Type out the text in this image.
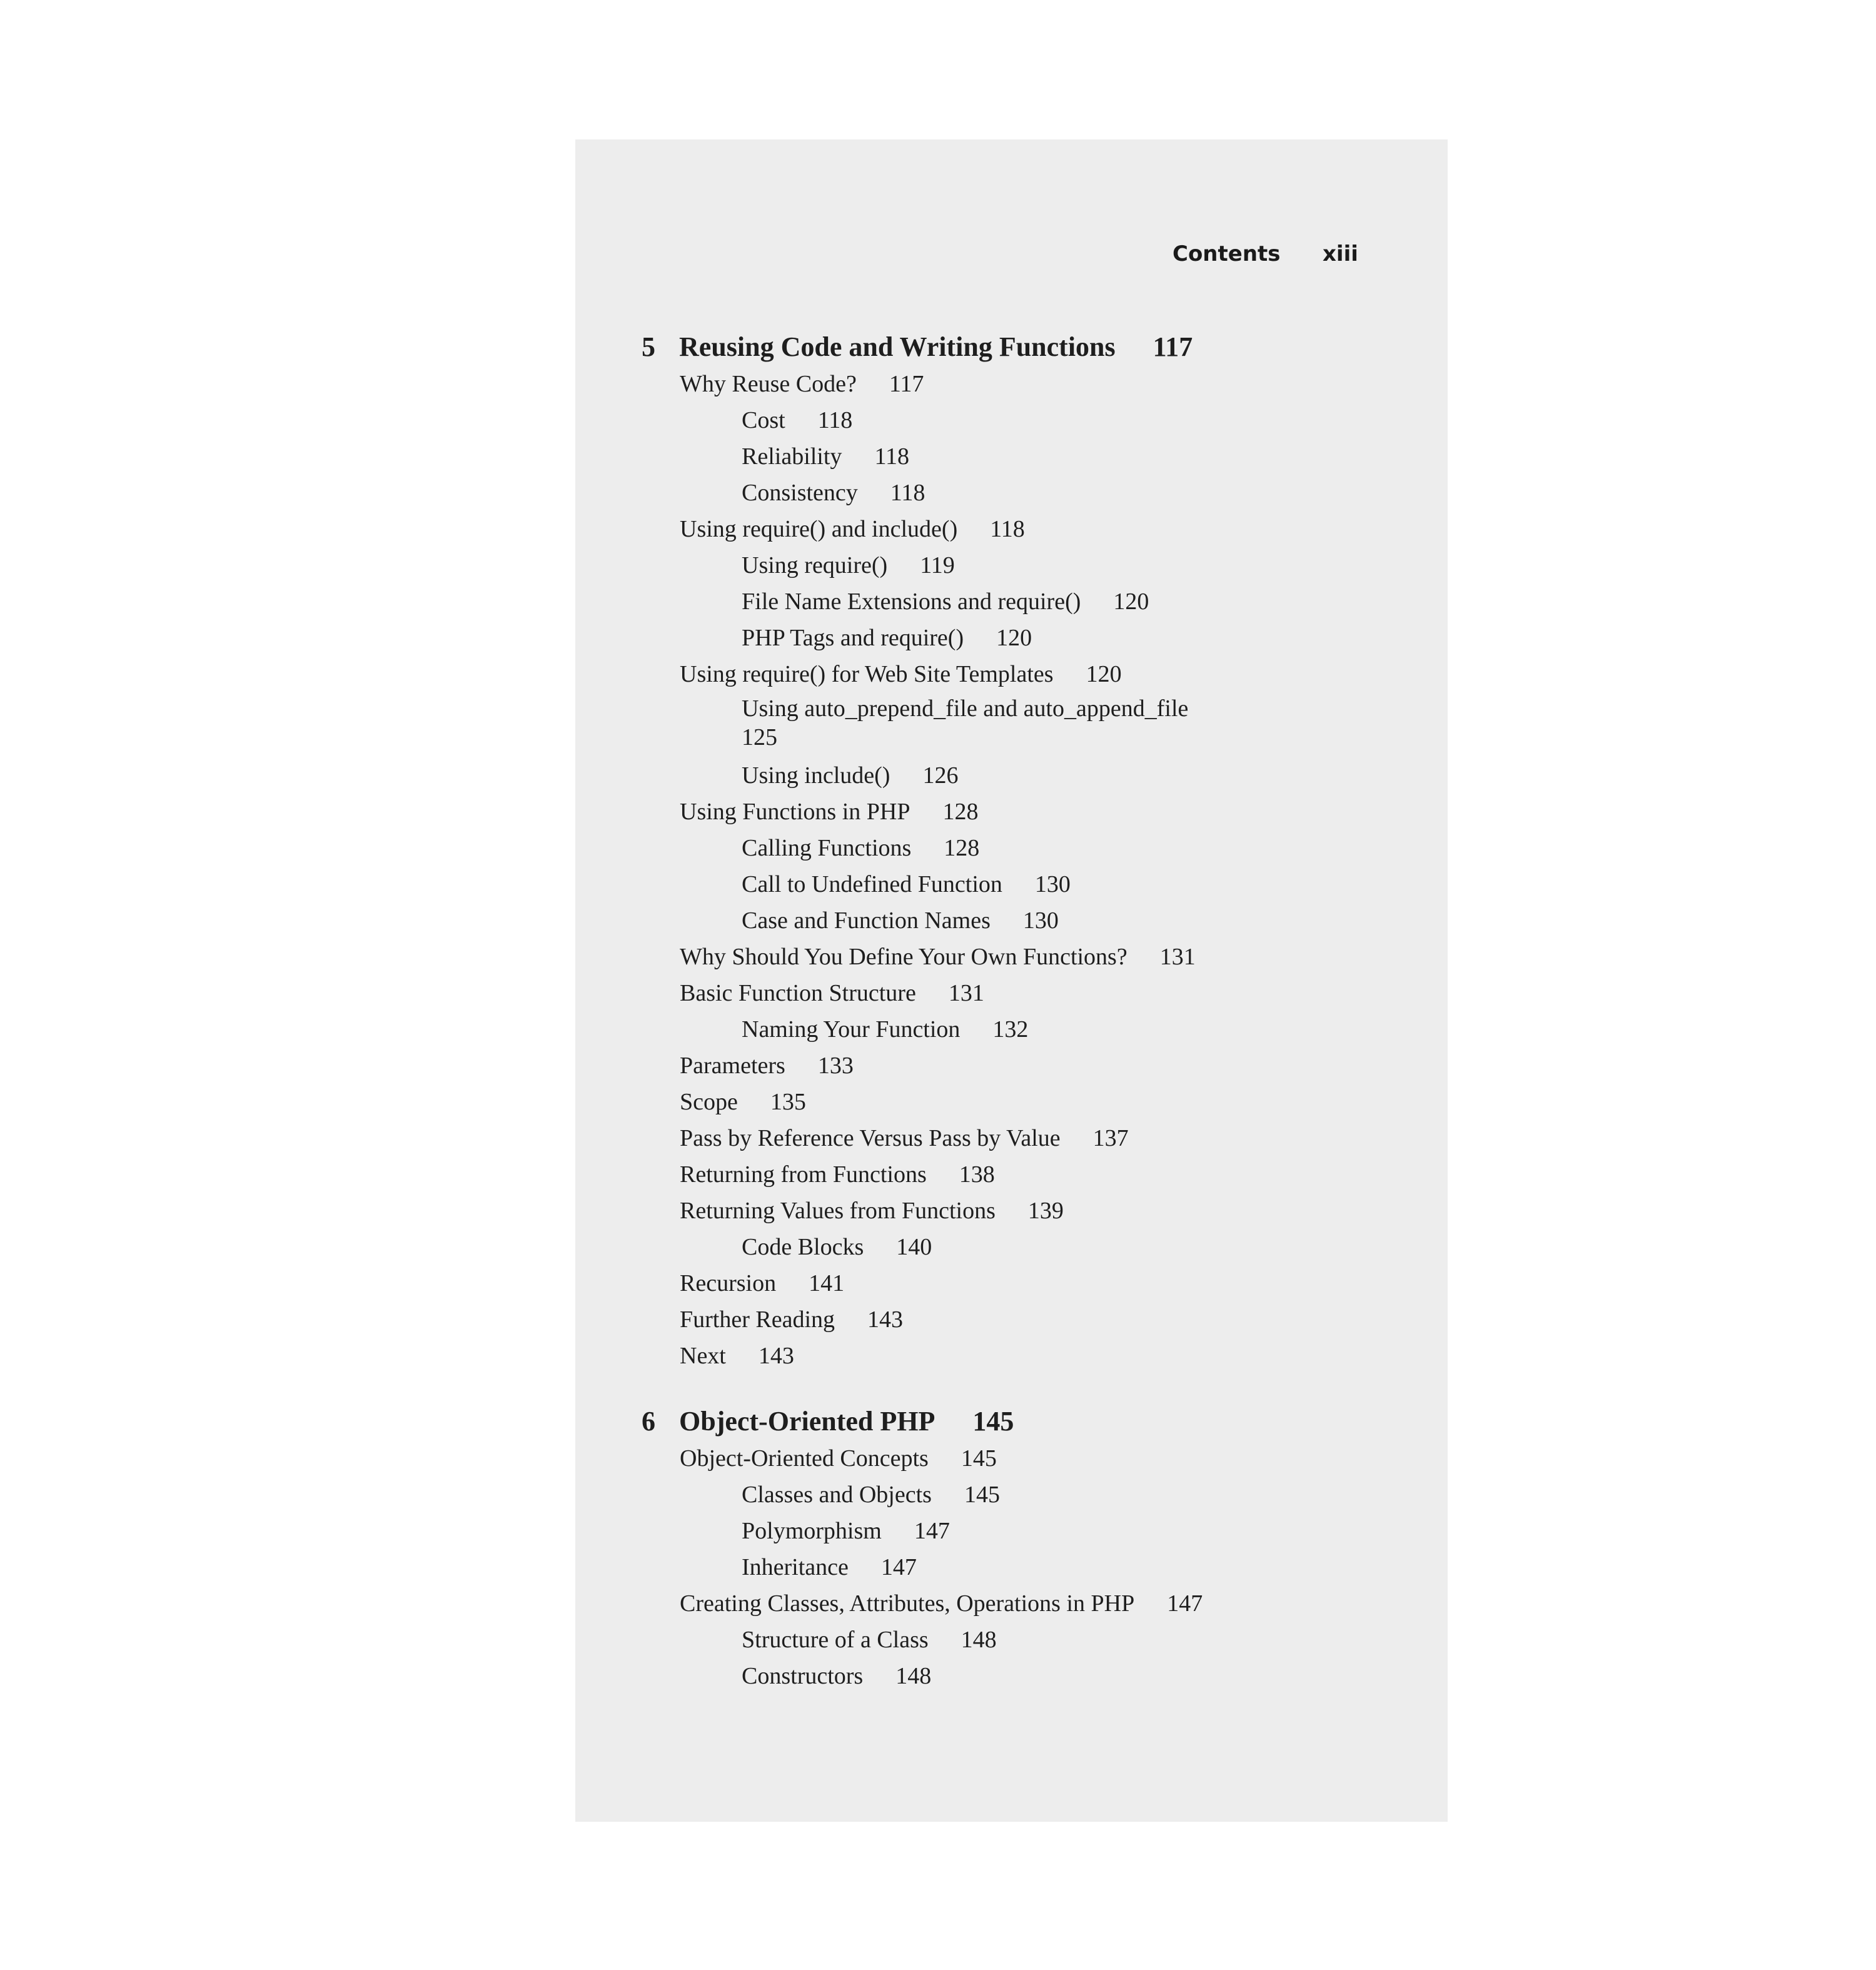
Contents xiii
5 Reusing Code and Writing Functions 117
Why Reuse Code? 117
Cost 118
Reliability 118
Consistency 118
Using require() and include() 118
Using require() 119
File Name Extensions and require() 120
PHP Tags and require() 120
Using require() for Web Site Templates 120
Using auto_prepend_file and auto_append_file
125
Using include() 126
Using Functions in PHP 128
Calling Functions 128
Call to Undefined Function 130
Case and Function Names 130
Why Should You Define Your Own Functions? 131
Basic Function Structure 131
Naming Your Function 132
Parameters 133
Scope 135
Pass by Reference Versus Pass by Value 137
Returning from Functions 138
Returning Values from Functions 139
Code Blocks 140
Recursion 141
Further Reading 143
Next 143
6 Object-Oriented PHP 145
Object-Oriented Concepts 145
Classes and Objects 145
Polymorphism 147
Inheritance 147
Creating Classes, Attributes, Operations in PHP 147
Structure of a Class 148
Constructors 148
